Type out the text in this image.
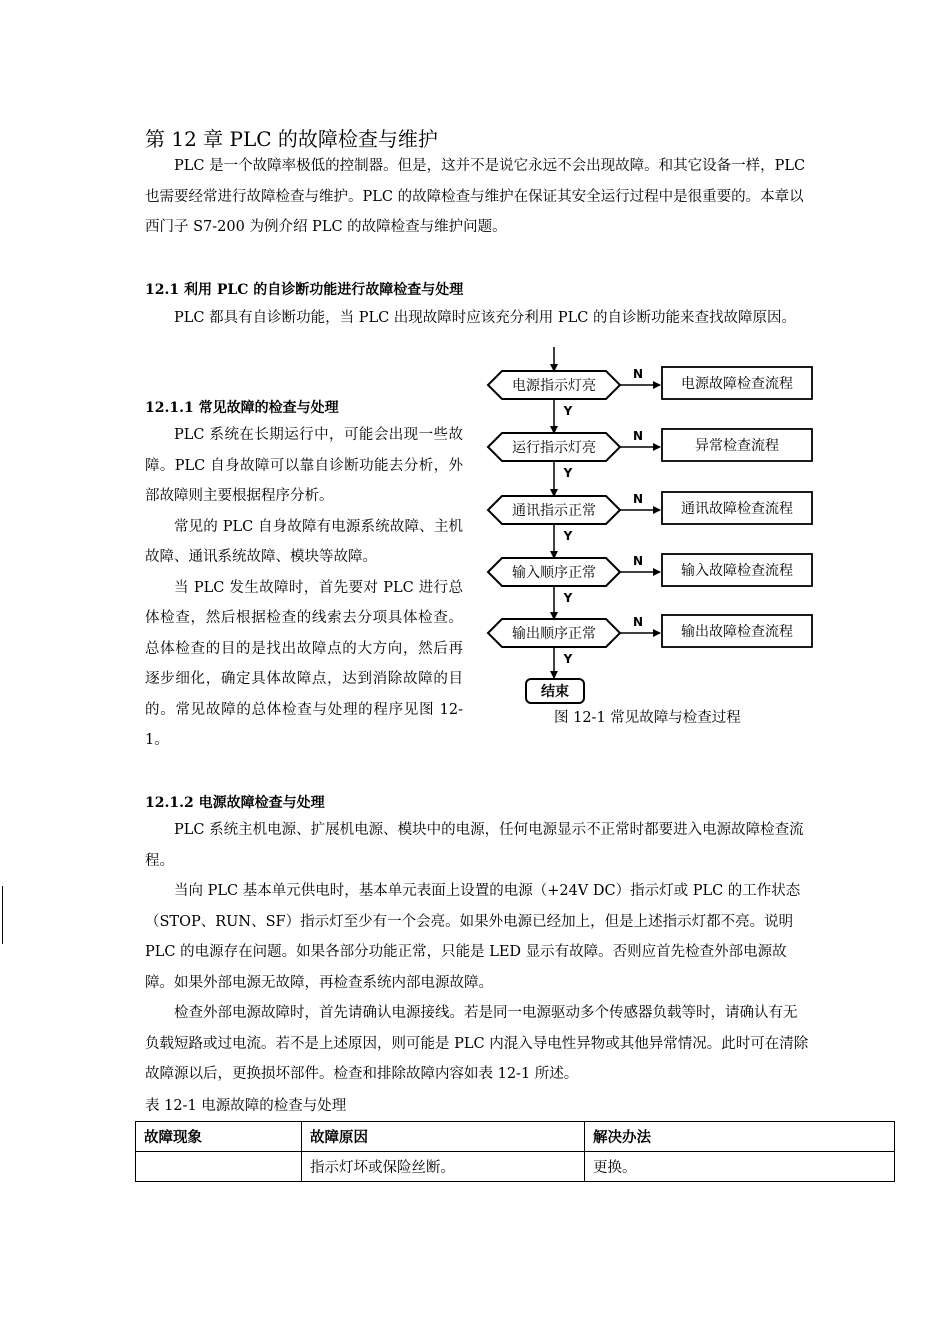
第 12 章 PLC 的故障检查与维护
PLC 是一个故障率极低的控制器。但是，这并不是说它永远不会出现故障。和其它设备一样，PLC 也需要经常进行故障检查与维护。PLC 的故障检查与维护在保证其安全运行过程中是很重要的。本章以西门子 S7-200 为例介绍 PLC 的故障检查与维护问题。
12.1 利用 PLC 的自诊断功能进行故障检查与处理
PLC 都具有自诊断功能，当 PLC 出现故障时应该充分利用 PLC 的自诊断功能来查找故障原因。
12.1.1 常见故障的检查与处理
PLC 系统在长期运行中，可能会出现一些故障。PLC 自身故障可以靠自诊断功能去分析，外部故障则主要根据程序分析。
常见的 PLC 自身故障有电源系统故障、主机故障、通讯系统故障、模块等故障。
当 PLC 发生故障时，首先要对 PLC 进行总体检查，然后根据检查的线索去分项具体检查。总体检查的目的是找出故障点的大方向，然后再逐步细化，确定具体故障点，达到消除故障的目的。常见故障的总体检查与处理的程序见图 12-1。
电源指示灯亮
N
电源故障检查流程
Y
运行指示灯亮
N
异常检查流程
Y
通讯指示正常
N
通讯故障检查流程
Y
输入顺序正常
N
输入故障检查流程
Y
输出顺序正常
N
输出故障检查流程
Y
结束
图 12-1 常见故障与检查过程
12.1.2 电源故障检查与处理
PLC 系统主机电源、扩展机电源、模块中的电源，任何电源显示不正常时都要进入电源故障检查流程。
当向 PLC 基本单元供电时，基本单元表面上设置的电源（+24V DC）指示灯或 PLC 的工作状态（STOP、RUN、SF）指示灯至少有一个会亮。如果外电源已经加上，但是上述指示灯都不亮。说明 PLC 的电源存在问题。如果各部分功能正常，只能是 LED 显示有故障。否则应首先检查外部电源故障。如果外部电源无故障，再检查系统内部电源故障。
检查外部电源故障时，首先请确认电源接线。若是同一电源驱动多个传感器负载等时，请确认有无负载短路或过电流。若不是上述原因，则可能是 PLC 内混入导电性异物或其他异常情况。此时可在清除故障源以后，更换损坏部件。检查和排除故障内容如表 12-1 所述。
表 12-1 电源故障的检查与处理
故障现象	故障原因	解决办法
	指示灯坏或保险丝断。	更换。
